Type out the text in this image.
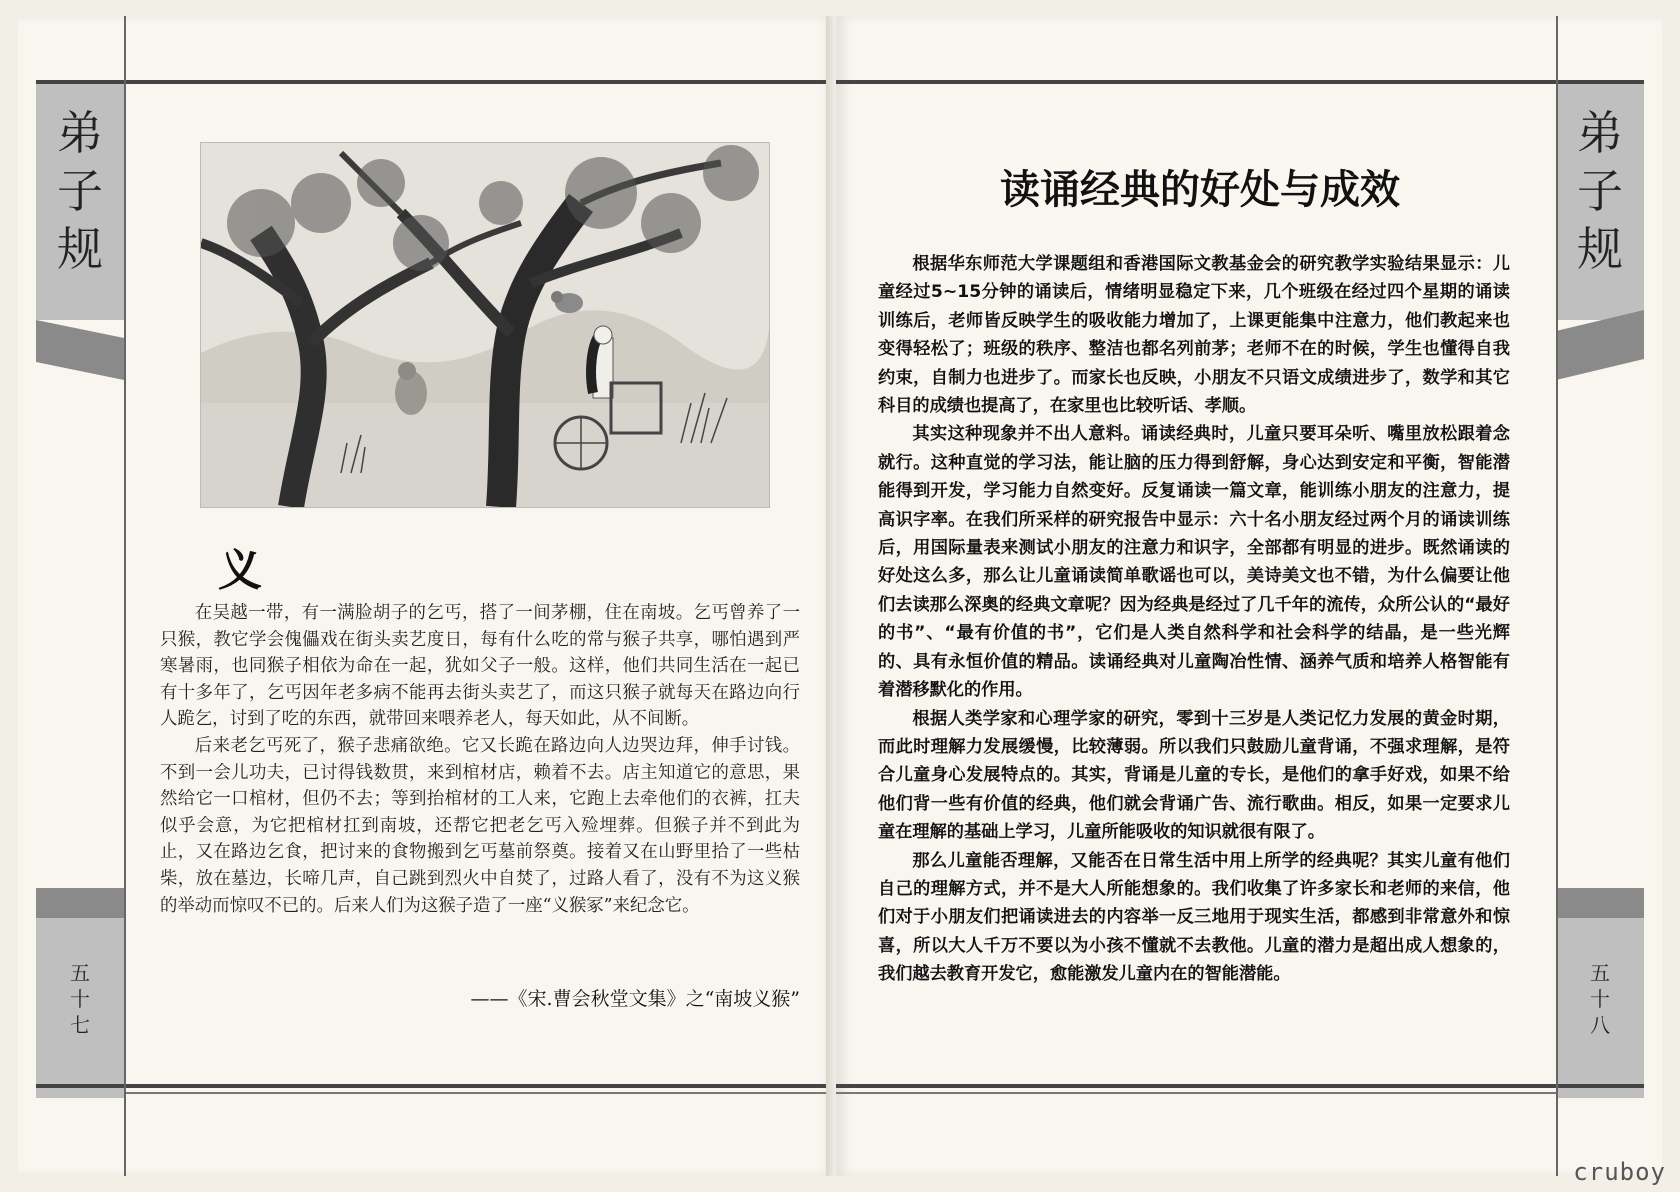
弟子规
五十七
弟子规
五十八
义

在吴越一带，有一满脸胡子的乞丐，搭了一间茅棚，住在南坡。乞丐曾养了一只猴，教它学会傀儡戏在街头卖艺度日，每有什么吃的常与猴子共享，哪怕遇到严寒暑雨，也同猴子相依为命在一起，犹如父子一般。这样，他们共同生活在一起已有十多年了，乞丐因年老多病不能再去街头卖艺了，而这只猴子就每天在路边向行人跪乞，讨到了吃的东西，就带回来喂养老人，每天如此，从不间断。

后来老乞丐死了，猴子悲痛欲绝。它又长跪在路边向人边哭边拜，伸手讨钱。不到一会儿功夫，已讨得钱数贯，来到棺材店，赖着不去。店主知道它的意思，果然给它一口棺材，但仍不去；等到抬棺材的工人来，它跑上去牵他们的衣裤，扛夫似乎会意，为它把棺材扛到南坡，还帮它把老乞丐入殓埋葬。但猴子并不到此为止，又在路边乞食，把讨来的食物搬到乞丐墓前祭奠。接着又在山野里拾了一些枯柴，放在墓边，长啼几声，自己跳到烈火中自焚了，过路人看了，没有不为这义猴的举动而惊叹不已的。后来人们为这猴子造了一座“义猴冢”来纪念它。

——《宋.曹会秋堂文集》之“南坡义猴”
读诵经典的好处与成效

根据华东师范大学课题组和香港国际文教基金会的研究教学实验结果显示：儿童经过5~15分钟的诵读后，情绪明显稳定下来，几个班级在经过四个星期的诵读训练后，老师皆反映学生的吸收能力增加了，上课更能集中注意力，他们教起来也变得轻松了；班级的秩序、整洁也都名列前茅；老师不在的时候，学生也懂得自我约束，自制力也进步了。而家长也反映，小朋友不只语文成绩进步了，数学和其它科目的成绩也提高了，在家里也比较听话、孝顺。

其实这种现象并不出人意料。诵读经典时，儿童只要耳朵听、嘴里放松跟着念就行。这种直觉的学习法，能让脑的压力得到舒解，身心达到安定和平衡，智能潜能得到开发，学习能力自然变好。反复诵读一篇文章，能训练小朋友的注意力，提高识字率。在我们所采样的研究报告中显示：六十名小朋友经过两个月的诵读训练后，用国际量表来测试小朋友的注意力和识字，全部都有明显的进步。既然诵读的好处这么多，那么让儿童诵读简单歌谣也可以，美诗美文也不错，为什么偏要让他们去读那么深奥的经典文章呢？因为经典是经过了几千年的流传，众所公认的“最好的书”、“最有价值的书”，它们是人类自然科学和社会科学的结晶，是一些光辉的、具有永恒价值的精品。读诵经典对儿童陶冶性情、涵养气质和培养人格智能有着潜移默化的作用。

根据人类学家和心理学家的研究，零到十三岁是人类记忆力发展的黄金时期，而此时理解力发展缓慢，比较薄弱。所以我们只鼓励儿童背诵，不强求理解，是符合儿童身心发展特点的。其实，背诵是儿童的专长，是他们的拿手好戏，如果不给他们背一些有价值的经典，他们就会背诵广告、流行歌曲。相反，如果一定要求儿童在理解的基础上学习，儿童所能吸收的知识就很有限了。

那么儿童能否理解，又能否在日常生活中用上所学的经典呢？其实儿童有他们自己的理解方式，并不是大人所能想象的。我们收集了许多家长和老师的来信，他们对于小朋友们把诵读进去的内容举一反三地用于现实生活，都感到非常意外和惊喜，所以大人千万不要以为小孩不懂就不去教他。儿童的潜力是超出成人想象的，我们越去教育开发它，愈能激发儿童内在的智能潜能。

cruboy
